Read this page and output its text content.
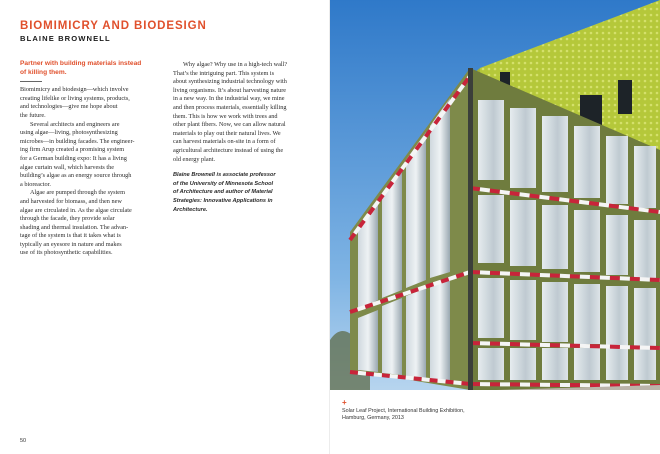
BIOMIMICRY AND BIODESIGN
BLAINE BROWNELL
Partner with building materials instead
of killing them.
Biomimicry and biodesign—which involve
creating lifelike or living systems, products,
and technologies—give me hope about
the future.
Several architects and engineers are
using algae—living, photosynthesizing
microbes—in building facades. The engineer-
ing firm Arup created a promising system
for a German building expo: It has a living
algae curtain wall, which harvests the
building’s algae as an energy source through
a bioreactor.
Algae are pumped through the system
and harvested for biomass, and then new
algae are circulated in. As the algae circulate
through the facade, they provide solar
shading and thermal insulation. The advan-
tage of the system is that it takes what is
typically an eyesore in nature and makes
use of its photosynthetic capabilities.
Why algae? Why use in a high-tech wall?
That’s the intriguing part. This system is
about synthesizing industrial technology with
living organisms. It’s about harvesting nature
in a new way. In the industrial way, we mine
and then process materials, essentially killing
them. This is how we work with trees and
other plant fibers. Now, we can allow natural
materials to play out their natural lives. We
can harvest materials on-site in a form of
agricultural architecture instead of using the
old energy plant.
Blaine Brownell is associate professor
of the University of Minnesota School
of Architecture and author of Material
Strategies: Innovative Applications in
Architecture.
50
+
Solar Leaf Project, International Building Exhibition,
Hamburg, Germany, 2013
